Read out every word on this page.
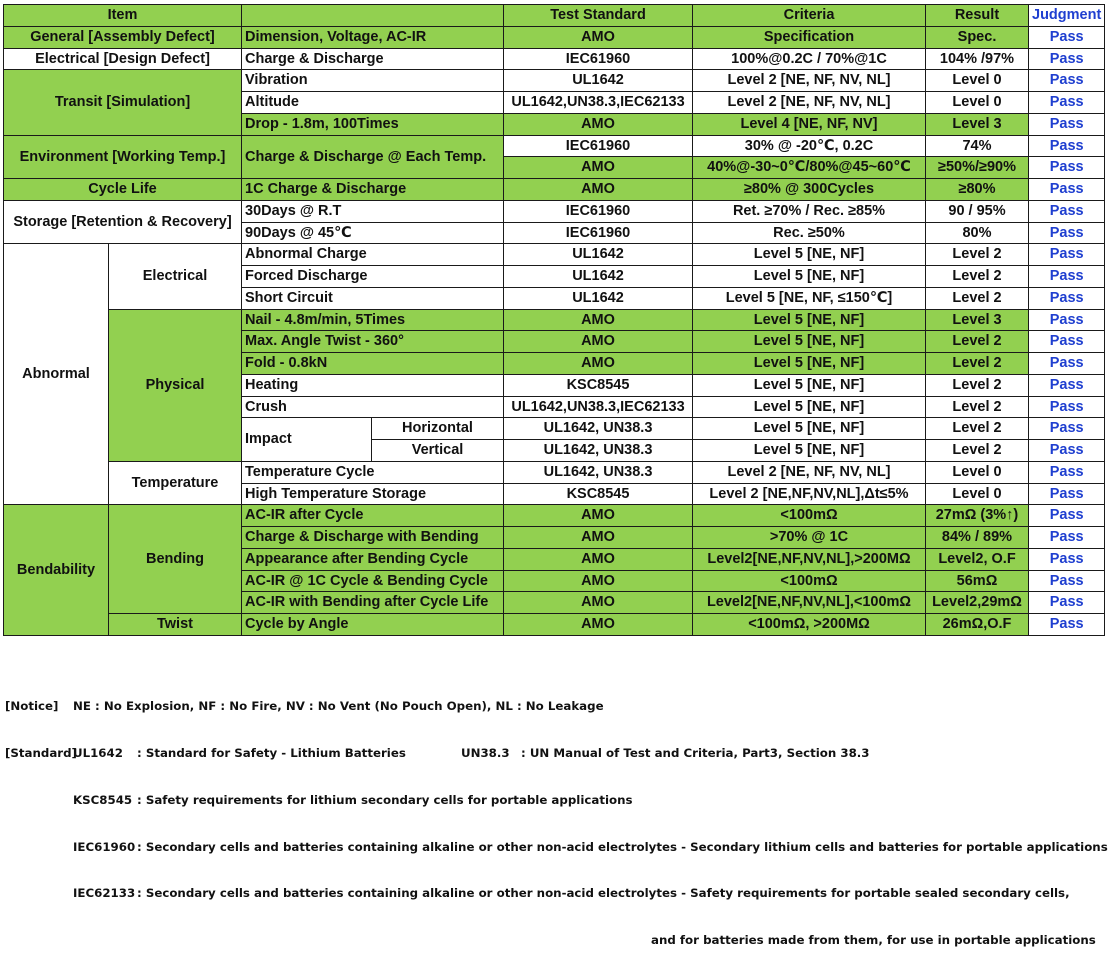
Item				Test Standard	Criteria	Result	Judgment
General [Assembly Defect]		Dimension, Voltage, AC-IR		AMO	Specification	Spec.	Pass
Electrical [Design Defect]		Charge & Discharge		IEC61960	100%@0.2C / 70%@1C	104% /97%	Pass
Transit [Simulation]		Vibration		UL1642	Level 2 [NE, NF, NV, NL]	Level 0	Pass
		Altitude		UL1642,UN38.3,IEC62133	Level 2 [NE, NF, NV, NL]	Level 0	Pass
		Drop - 1.8m, 100Times		AMO	Level 4 [NE, NF, NV]	Level 3	Pass
Environment [Working Temp.]		Charge & Discharge @ Each Temp.		IEC61960	30% @ -20℃, 0.2C	74%	Pass
				AMO	40%@-30~0℃/80%@45~60℃	≥50%/≥90%	Pass
Cycle Life		1C Charge & Discharge		AMO	≥80% @ 300Cycles	≥80%	Pass
Storage [Retention & Recovery]		30Days @ R.T		IEC61960	Ret. ≥70% / Rec. ≥85%	90 / 95%	Pass
		90Days @ 45℃		IEC61960	Rec. ≥50%	80%	Pass
Abnormal	Electrical	Abnormal Charge		UL1642	Level 5 [NE, NF]	Level 2	Pass
		Forced Discharge		UL1642	Level 5 [NE, NF]	Level 2	Pass
		Short Circuit		UL1642	Level 5 [NE, NF, ≤150℃]	Level 2	Pass
	Physical	Nail - 4.8m/min, 5Times		AMO	Level 5 [NE, NF]	Level 3	Pass
		Max. Angle Twist - 360°		AMO	Level 5 [NE, NF]	Level 2	Pass
		Fold - 0.8kN		AMO	Level 5 [NE, NF]	Level 2	Pass
		Heating		KSC8545	Level 5 [NE, NF]	Level 2	Pass
		Crush		UL1642,UN38.3,IEC62133	Level 5 [NE, NF]	Level 2	Pass
		Impact	Horizontal	UL1642, UN38.3	Level 5 [NE, NF]	Level 2	Pass
			Vertical	UL1642, UN38.3	Level 5 [NE, NF]	Level 2	Pass
	Temperature	Temperature Cycle		UL1642, UN38.3	Level 2 [NE, NF, NV, NL]	Level 0	Pass
		High Temperature Storage		KSC8545	Level 2 [NE,NF,NV,NL],Δt≤5%	Level 0	Pass
Bendability	Bending	AC-IR after Cycle		AMO	<100mΩ	27mΩ (3%↑)	Pass
		Charge & Discharge with Bending		AMO	>70% @ 1C	84% / 89%	Pass
		Appearance after Bending Cycle		AMO	Level2[NE,NF,NV,NL],>200MΩ	Level2, O.F	Pass
		AC-IR @ 1C Cycle & Bending Cycle		AMO	<100mΩ	56mΩ	Pass
		AC-IR with Bending after Cycle Life		AMO	Level2[NE,NF,NV,NL],<100mΩ	Level2,29mΩ	Pass
	Twist	Cycle by Angle		AMO	<100mΩ, >200MΩ	26mΩ,O.F	Pass

[Notice]

NE : No Explosion, NF : No Fire, NV : No Vent (No Pouch Open), NL : No Leakage

[Standard]

UL1642

: Standard for Safety - Lithium Batteries

	UN38.3

: UN Manual of Test and Criteria, Part3, Section 38.3

KSC8545

: Safety requirements for lithium secondary cells for portable applications

IEC61960

: Secondary cells and batteries containing alkaline or other non-acid electrolytes - Secondary lithium cells and batteries for portable applications

IEC62133

: Secondary cells and batteries containing alkaline or other non-acid electrolytes - Safety requirements for portable sealed secondary cells,

and for batteries made from them, for use in portable applications
